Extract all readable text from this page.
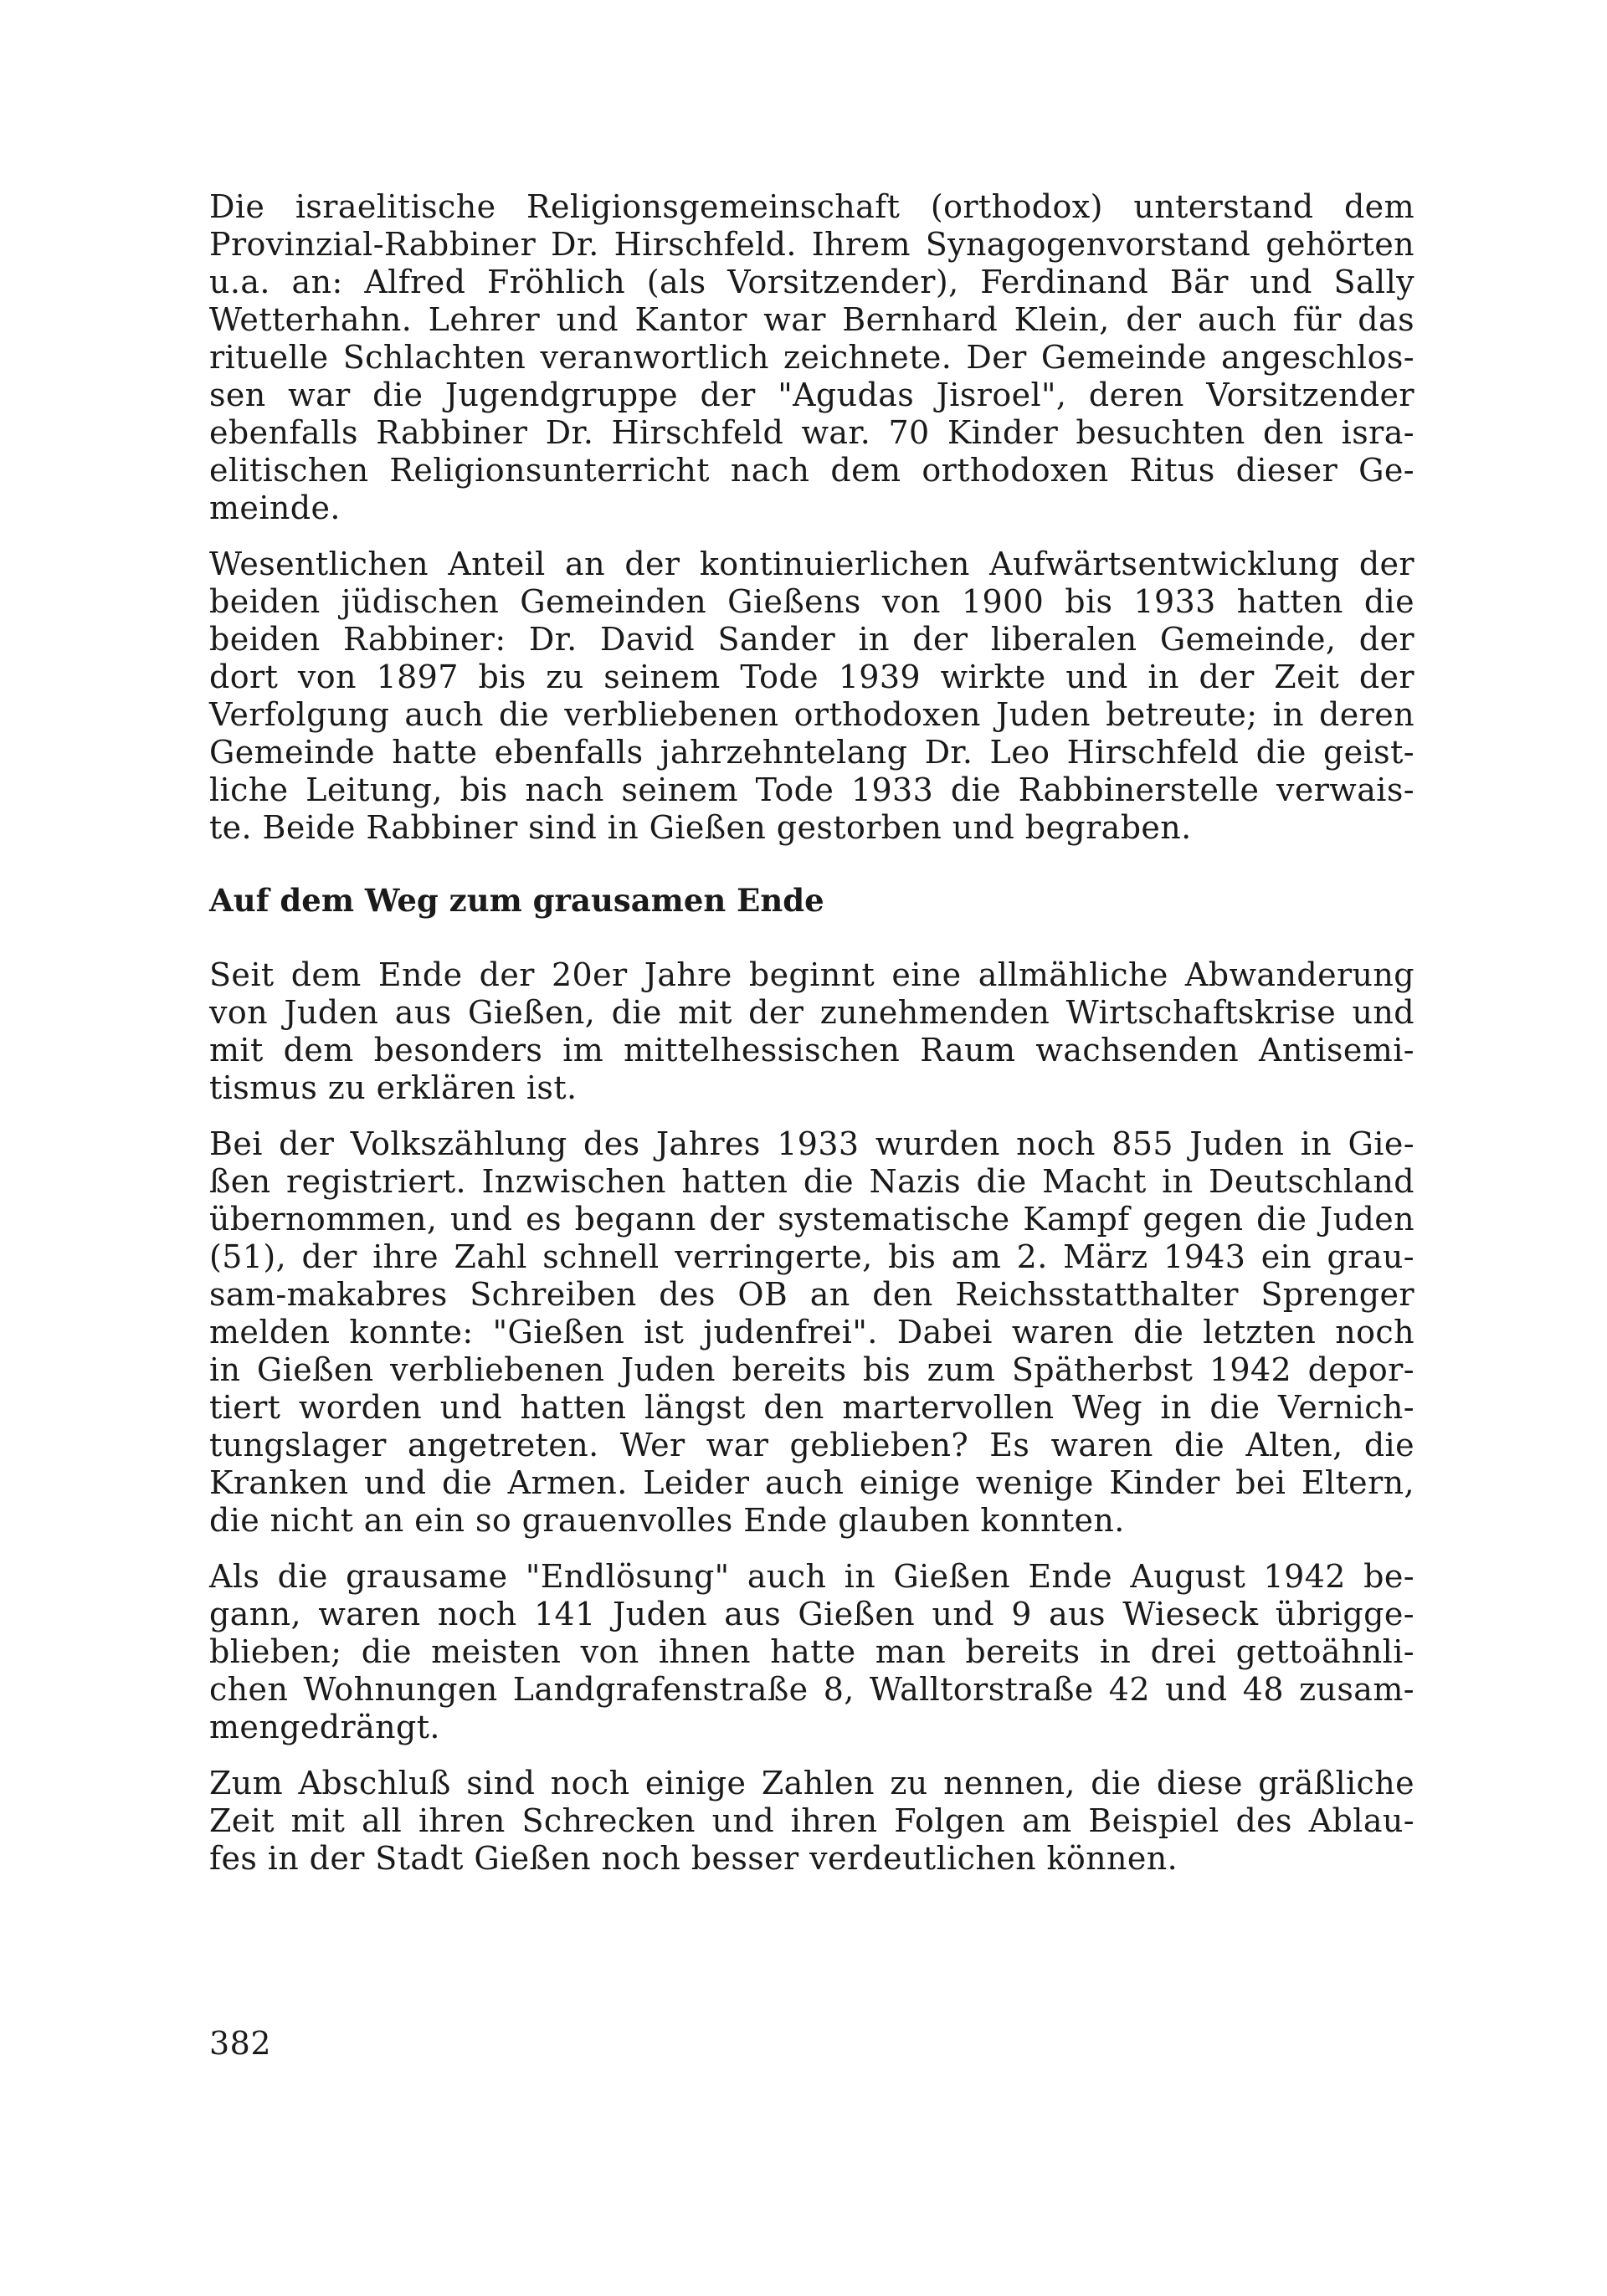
Die israelitische Religionsgemeinschaft (orthodox) unterstand dem
Provinzial-Rabbiner Dr. Hirschfeld. Ihrem Synagogenvorstand gehörten
u.a. an: Alfred Fröhlich (als Vorsitzender), Ferdinand Bär und Sally
Wetterhahn. Lehrer und Kantor war Bernhard Klein, der auch für das
rituelle Schlachten veranwortlich zeichnete. Der Gemeinde angeschlos-
sen war die Jugendgruppe der "Agudas Jisroel", deren Vorsitzender
ebenfalls Rabbiner Dr. Hirschfeld war. 70 Kinder besuchten den isra-
elitischen Religionsunterricht nach dem orthodoxen Ritus dieser Ge-
meinde.

Wesentlichen Anteil an der kontinuierlichen Aufwärtsentwicklung der
beiden jüdischen Gemeinden Gießens von 1900 bis 1933 hatten die
beiden Rabbiner: Dr. David Sander in der liberalen Gemeinde, der
dort von 1897 bis zu seinem Tode 1939 wirkte und in der Zeit der
Verfolgung auch die verbliebenen orthodoxen Juden betreute; in deren
Gemeinde hatte ebenfalls jahrzehntelang Dr. Leo Hirschfeld die geist-
liche Leitung, bis nach seinem Tode 1933 die Rabbinerstelle verwais-
te. Beide Rabbiner sind in Gießen gestorben und begraben.

Auf dem Weg zum grausamen Ende

Seit dem Ende der 20er Jahre beginnt eine allmähliche Abwanderung
von Juden aus Gießen, die mit der zunehmenden Wirtschaftskrise und
mit dem besonders im mittelhessischen Raum wachsenden Antisemi-
tismus zu erklären ist.

Bei der Volkszählung des Jahres 1933 wurden noch 855 Juden in Gie-
ßen registriert. Inzwischen hatten die Nazis die Macht in Deutschland
übernommen, und es begann der systematische Kampf gegen die Juden
(51), der ihre Zahl schnell verringerte, bis am 2. März 1943 ein grau-
sam-makabres Schreiben des OB an den Reichsstatthalter Sprenger
melden konnte: "Gießen ist judenfrei". Dabei waren die letzten noch
in Gießen verbliebenen Juden bereits bis zum Spätherbst 1942 depor-
tiert worden und hatten längst den martervollen Weg in die Vernich-
tungslager angetreten. Wer war geblieben? Es waren die Alten, die
Kranken und die Armen. Leider auch einige wenige Kinder bei Eltern,
die nicht an ein so grauenvolles Ende glauben konnten.

Als die grausame "Endlösung" auch in Gießen Ende August 1942 be-
gann, waren noch 141 Juden aus Gießen und 9 aus Wieseck übrigge-
blieben; die meisten von ihnen hatte man bereits in drei gettoähnli-
chen Wohnungen Landgrafenstraße 8, Walltorstraße 42 und 48 zusam-
mengedrängt.

Zum Abschluß sind noch einige Zahlen zu nennen, die diese gräßliche
Zeit mit all ihren Schrecken und ihren Folgen am Beispiel des Ablau-
fes in der Stadt Gießen noch besser verdeutlichen können.

382
